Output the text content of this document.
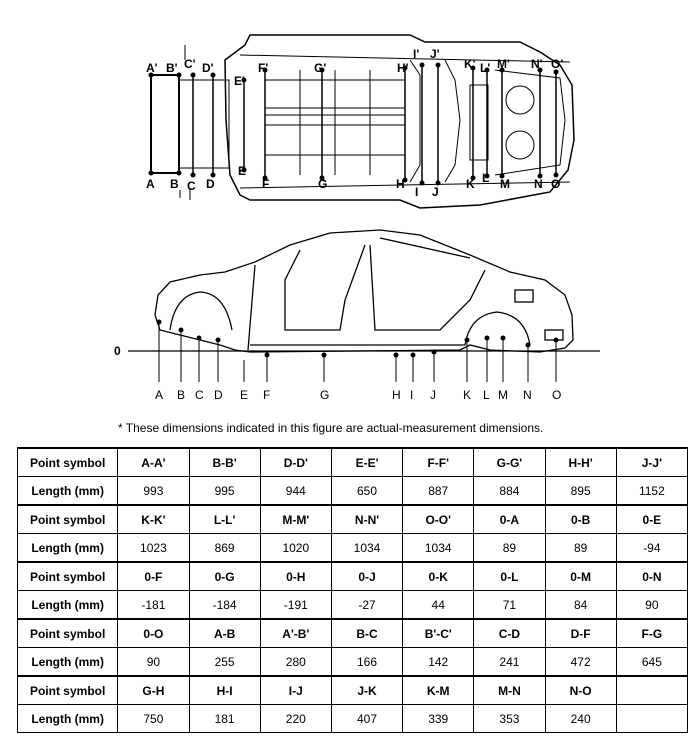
A' B' C' D'
E'
F'	G'	H'
I' J'
K' L' M' N' O'
A B C D
E
F	G	H
I J
K L M N O
0
A B C D E F	G	H I J K L M N O
* These dimensions indicated in this figure are actual-measurement dimensions.
Point symbol	A-A'	B-B'	D-D'	E-E'	F-F'	G-G'	H-H'	J-J'
Length (mm)	993	995	944	650	887	884	895	1152
Point symbol	K-K'	L-L'	M-M'	N-N'	O-O'	0-A	0-B	0-E
Length (mm)	1023	869	1020	1034	1034	89	89	-94
Point symbol	0-F	0-G	0-H	0-J	0-K	0-L	0-M	0-N
Length (mm)	-181	-184	-191	-27	44	71	84	90
Point symbol	0-O	A-B	A'-B'	B-C	B'-C'	C-D	D-F	F-G
Length (mm)	90	255	280	166	142	241	472	645
Point symbol	G-H	H-I	I-J	J-K	K-M	M-N	N-O	
Length (mm)	750	181	220	407	339	353	240	
